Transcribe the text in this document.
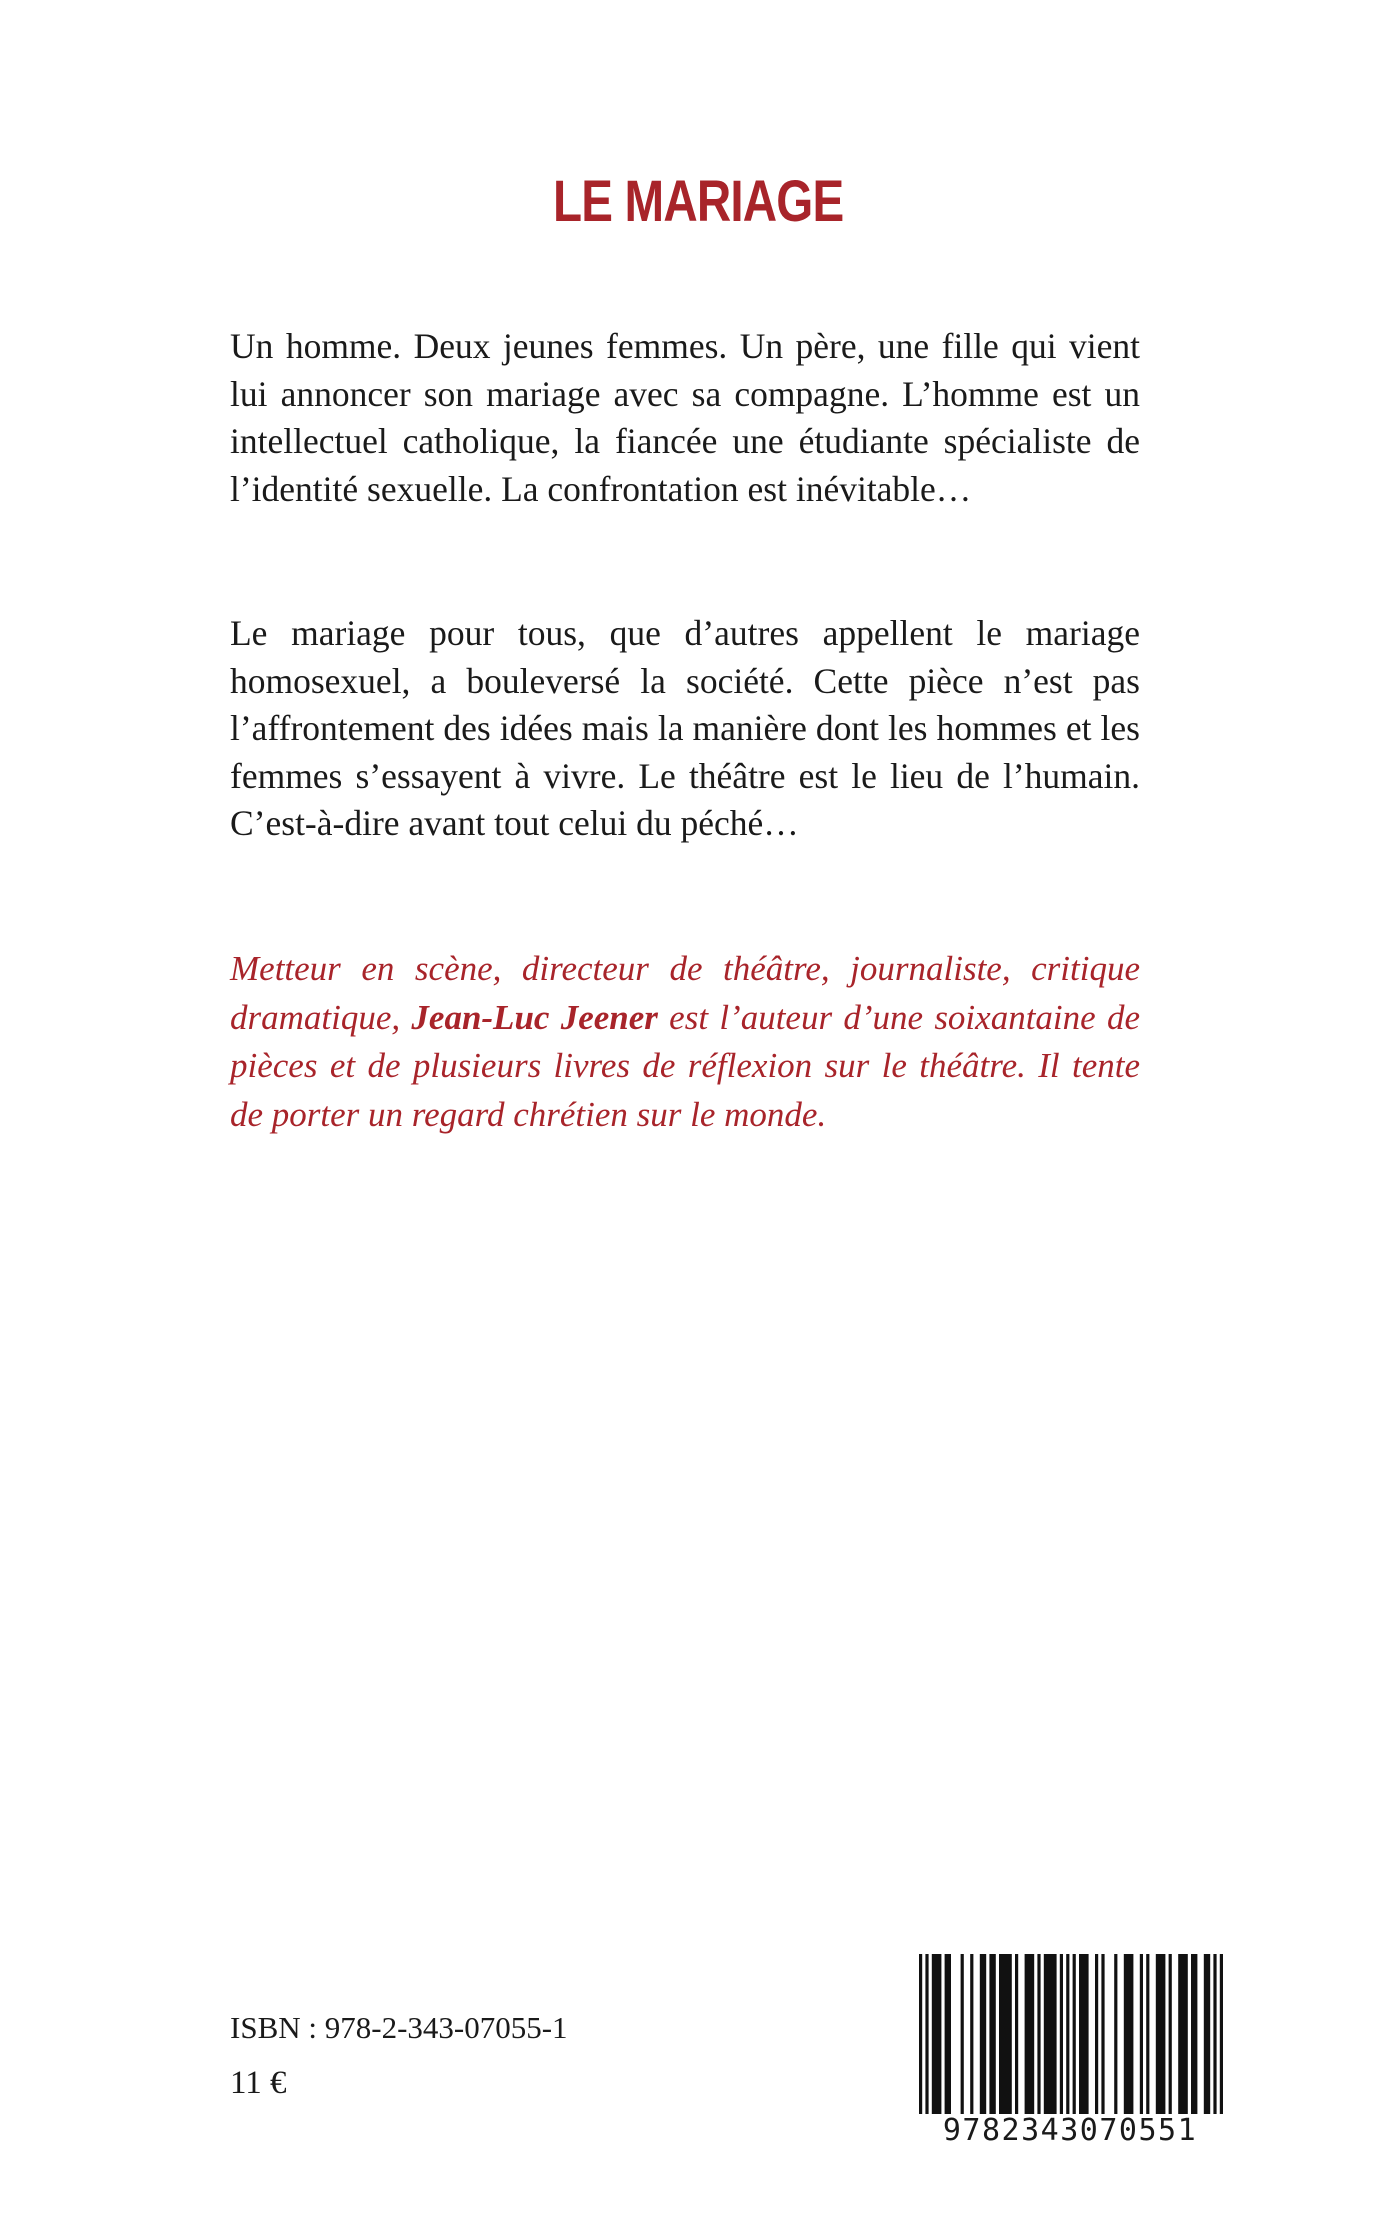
LE MARIAGE

Un homme. Deux jeunes femmes. Un père, une fille qui vient lui annoncer son mariage avec sa compagne. L’homme est un intellectuel catholique, la fiancée une étudiante spécialiste de l’identité sexuelle. La confrontation est inévitable…

Le mariage pour tous, que d’autres appellent le mariage homosexuel, a bouleversé la société. Cette pièce n’est pas l’affrontement des idées mais la manière dont les hommes et les femmes s’essayent à vivre. Le théâtre est le lieu de l’humain. C’est-à-dire avant tout celui du péché…

Metteur en scène, directeur de théâtre, journaliste, critique dramatique, Jean-Luc Jeener est l’auteur d’une soixantaine de pièces et de plusieurs livres de réflexion sur le théâtre. Il tente de porter un regard chrétien sur le monde.

ISBN : 978-2-343-07055-1

11 €

9782343070551
